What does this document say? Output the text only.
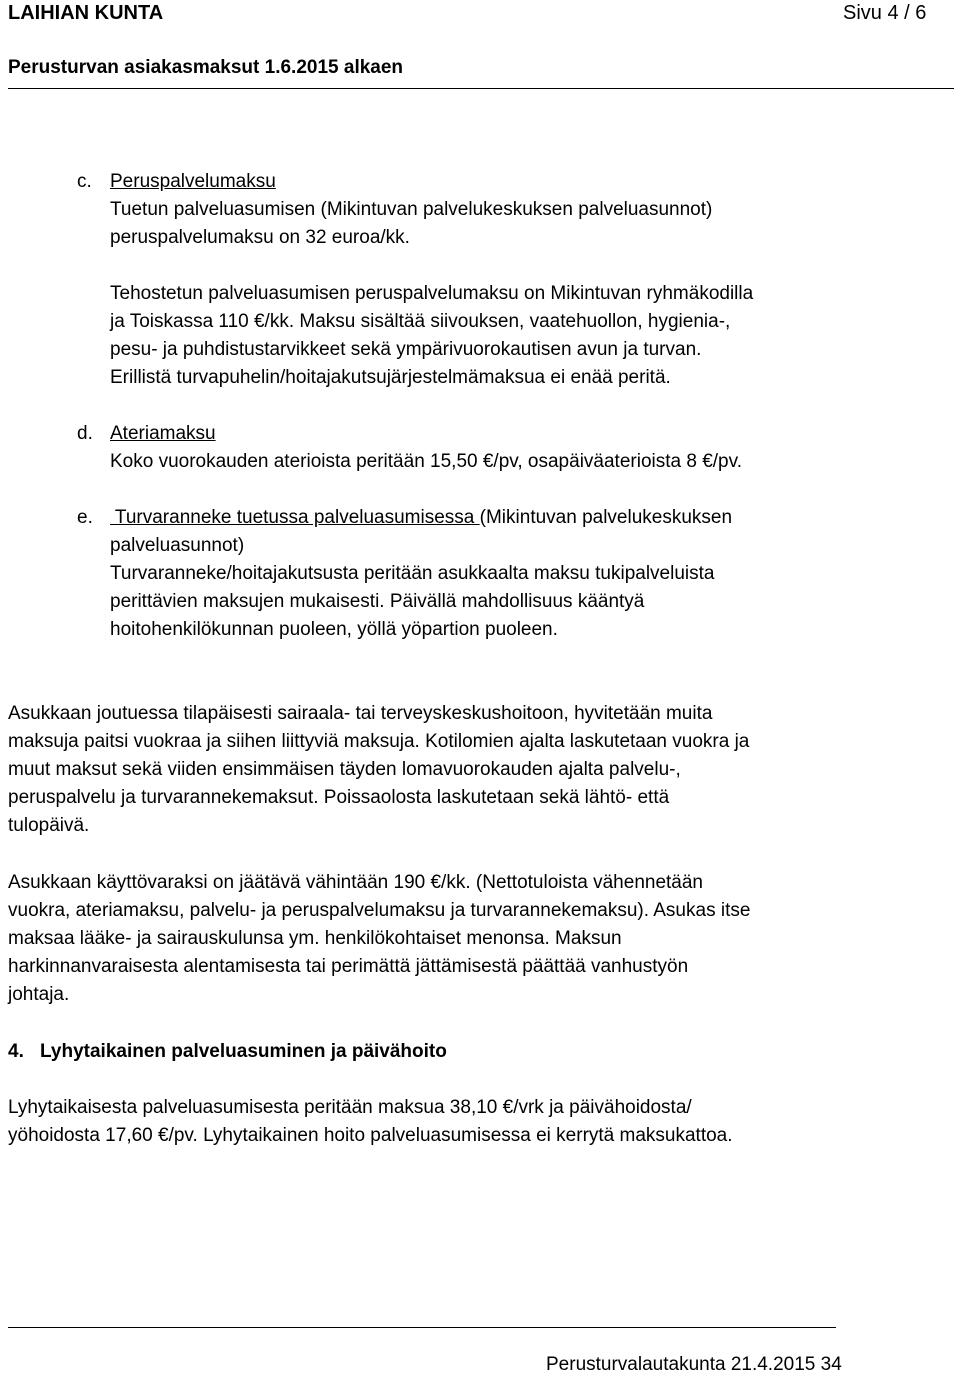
LAIHIAN KUNTA	Sivu 4 / 6
Perusturvan asiakasmaksut 1.6.2015 alkaen
c. Peruspalvelumaksu
Tuetun palveluasumisen (Mikintuvan palvelukeskuksen palveluasunnot)
peruspalvelumaksu on 32 euroa/kk.
Tehostetun palveluasumisen peruspalvelumaksu on Mikintuvan ryhmäkodilla
ja Toiskassa 110 €/kk. Maksu sisältää siivouksen, vaatehuollon, hygienia-,
pesu- ja puhdistustarvikkeet sekä ympärivuorokautisen avun ja turvan.
Erillistä turvapuhelin/hoitajakutsujärjestelmämaksua ei enää peritä.
d. Ateriamaksu
Koko vuorokauden aterioista peritään 15,50 €/pv, osapäiväaterioista 8 €/pv.
e. Turvaranneke tuetussa palveluasumisessa (Mikintuvan palvelukeskuksen
palveluasunnot)
Turvaranneke/hoitajakutsusta peritään asukkaalta maksu tukipalveluista
perittävien maksujen mukaisesti. Päivällä mahdollisuus kääntyä
hoitohenkilökunnan puoleen, yöllä yöpartion puoleen.
Asukkaan joutuessa tilapäisesti sairaala- tai terveyskeskushoitoon, hyvitetään muita
maksuja paitsi vuokraa ja siihen liittyviä maksuja. Kotilomien ajalta laskutetaan vuokra ja
muut maksut sekä viiden ensimmäisen täyden lomavuorokauden ajalta palvelu-,
peruspalvelu ja turvarannekemaksut. Poissaolosta laskutetaan sekä lähtö- että
tulopäivä.
Asukkaan käyttövaraksi on jäätävä vähintään 190 €/kk. (Nettotuloista vähennetään
vuokra, ateriamaksu, palvelu- ja peruspalvelumaksu ja turvarannekemaksu). Asukas itse
maksaa lääke- ja sairauskulunsa ym. henkilökohtaiset menonsa. Maksun
harkinnanvaraisesta alentamisesta tai perimättä jättämisestä päättää vanhustyön
johtaja.
4. Lyhytaikainen palveluasuminen ja päivähoito
Lyhytaikaisesta palveluasumisesta peritään maksua 38,10 €/vrk ja päivähoidosta/
yöhoidosta 17,60 €/pv. Lyhytaikainen hoito palveluasumisessa ei kerrytä maksukattoa.
Perusturvalautakunta 21.4.2015 34
